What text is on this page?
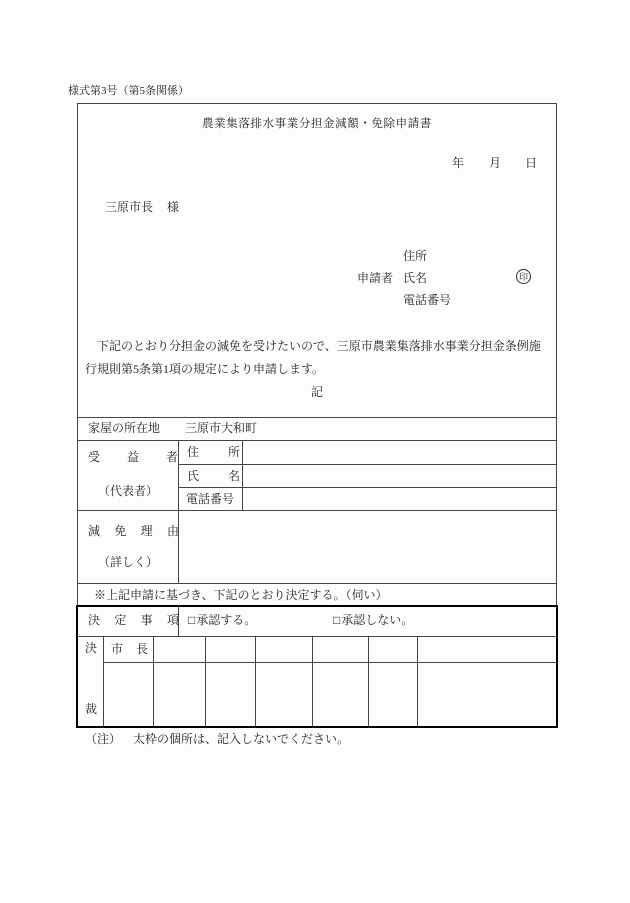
様式第3号（第5条関係）
農業集落排水事業分担金減額・免除申請書
年 月 日
三原市長 様
住所
申請者 氏名	印
電話番号
下記のとおり分担金の減免を受けたいので、三原市農業集落排水事業分担金条例施行規則第5条第1項の規定により申請します。
記
家屋の所在地 三原市大和町
受益者
（代表者）
住所
氏名
電話番号
減免理由
（詳しく）
※上記申請に基づき、下記のとおり決定する。（伺い）
決定事項 □承認する。	□承認しない。
決
裁
市長
（注） 太枠の個所は、記入しないでください。
